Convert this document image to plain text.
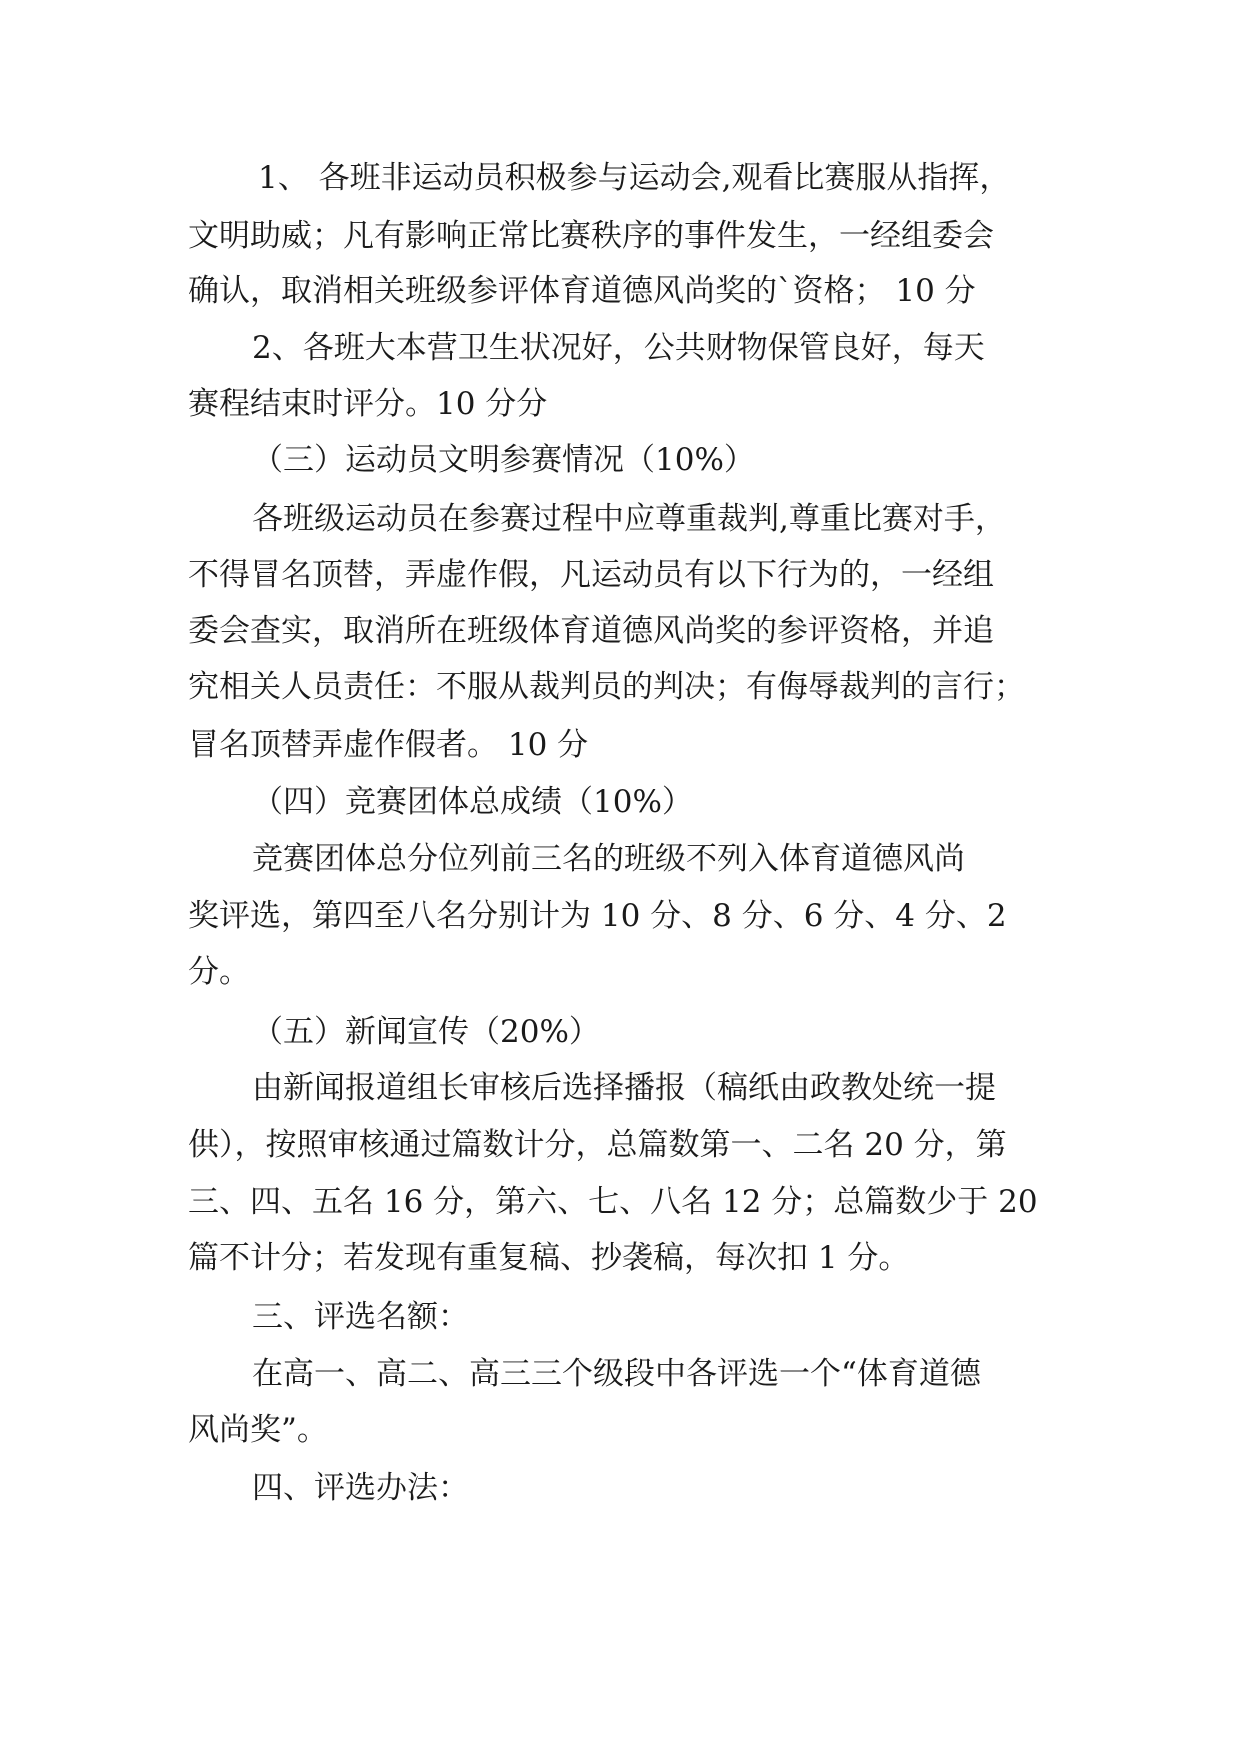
1、 各班非运动员积极参与运动会,观看比赛服从指挥，
文明助威；凡有影响正常比赛秩序的事件发生，一经组委会
确认，取消相关班级参评体育道德风尚奖的`资格； 10 分
2、各班大本营卫生状况好，公共财物保管良好，每天
赛程结束时评分。10 分分
（三）运动员文明参赛情况（10%）
各班级运动员在参赛过程中应尊重裁判,尊重比赛对手，
不得冒名顶替，弄虚作假，凡运动员有以下行为的，一经组
委会查实，取消所在班级体育道德风尚奖的参评资格，并追
究相关人员责任：不服从裁判员的判决；有侮辱裁判的言行；
冒名顶替弄虚作假者。 10 分
（四）竞赛团体总成绩（10%）
竞赛团体总分位列前三名的班级不列入体育道德风尚
奖评选，第四至八名分别计为 10 分、8 分、6 分、4 分、2
分。
（五）新闻宣传（20%）
由新闻报道组长审核后选择播报（稿纸由政教处统一提
供），按照审核通过篇数计分，总篇数第一、二名 20 分，第
三、四、五名 16 分，第六、七、八名 12 分；总篇数少于 20
篇不计分；若发现有重复稿、抄袭稿，每次扣 1 分。
三、评选名额：
在高一、高二、高三三个级段中各评选一个“体育道德
风尚奖”。
四、评选办法：
